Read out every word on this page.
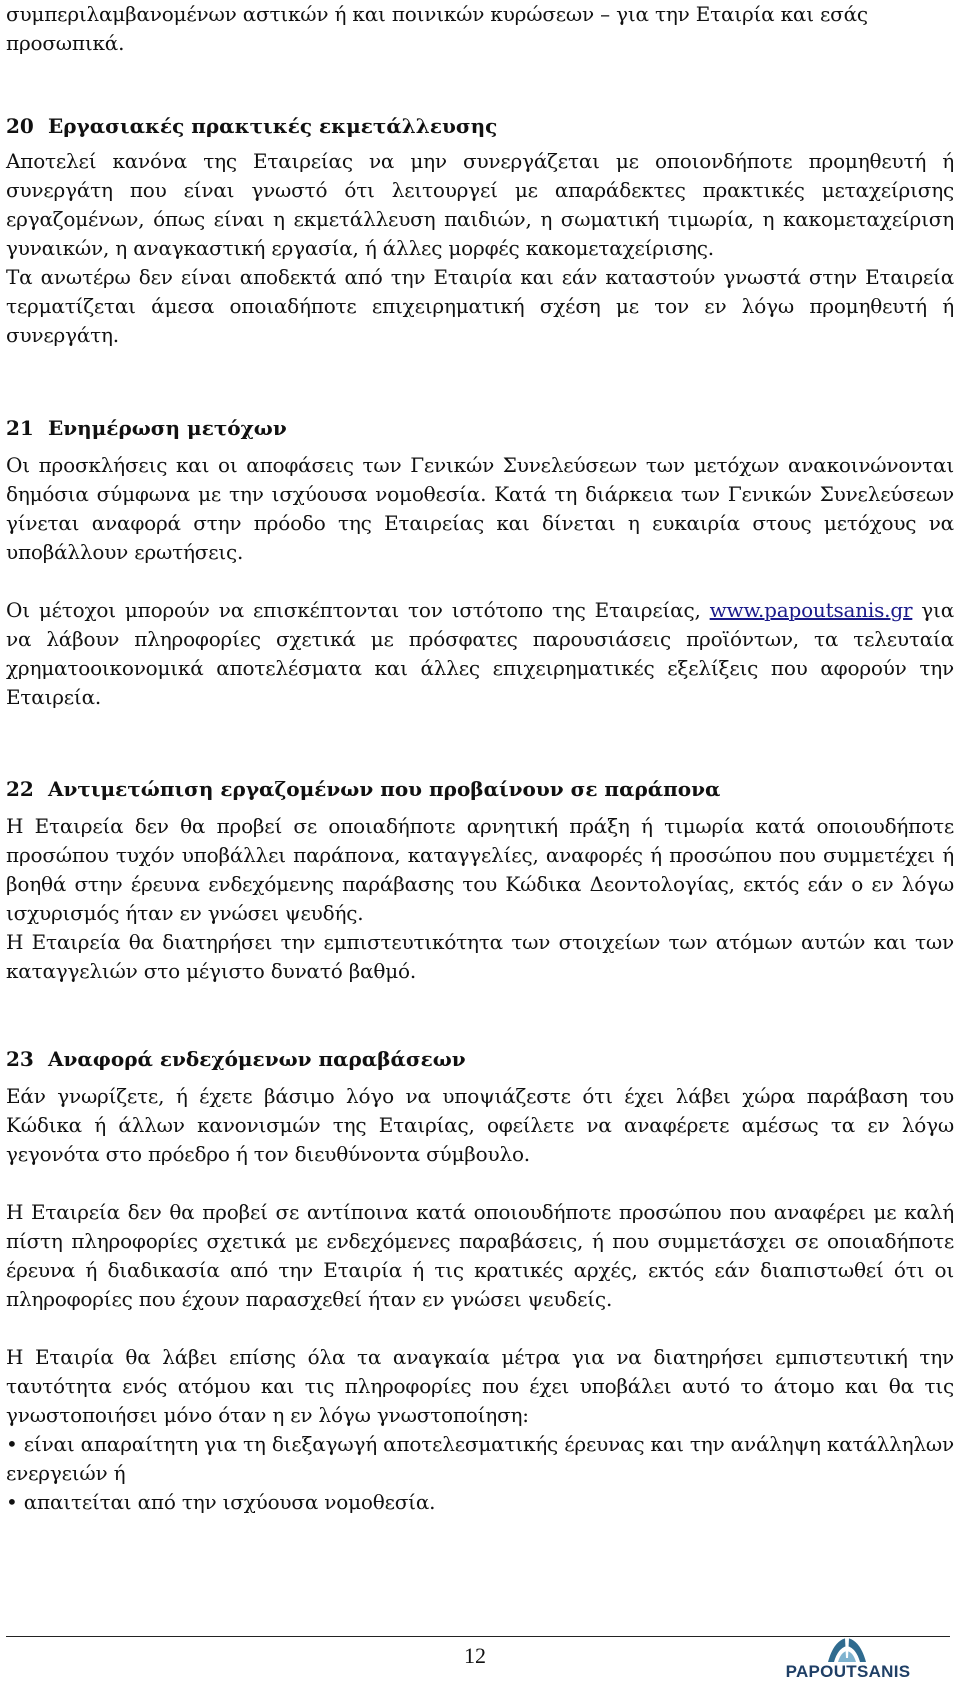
συμπεριλαμβανομένων αστικών ή και ποινικών κυρώσεων – για την Εταιρία και εσάς

προσωπικά.

20 Εργασιακές πρακτικές εκμετάλλευσης

Αποτελεί κανόνα της Εταιρείας να μην συνεργάζεται με οποιονδήποτε προμηθευτή ή συνεργάτη που είναι γνωστό ότι λειτουργεί με απαράδεκτες πρακτικές μεταχείρισης εργαζομένων, όπως είναι η εκμετάλλευση παιδιών, η σωματική τιμωρία, η κακομεταχείριση γυναικών, η αναγκαστική εργασία, ή άλλες μορφές κακομεταχείρισης.

Τα ανωτέρω δεν είναι αποδεκτά από την Εταιρία και εάν καταστούν γνωστά στην Εταιρεία τερματίζεται άμεσα οποιαδήποτε επιχειρηματική σχέση με τον εν λόγω προμηθευτή ή συνεργάτη.

21 Ενημέρωση μετόχων

Οι προσκλήσεις και οι αποφάσεις των Γενικών Συνελεύσεων των μετόχων ανακοινώνονται δημόσια σύμφωνα με την ισχύουσα νομοθεσία. Κατά τη διάρκεια των Γενικών Συνελεύσεων γίνεται αναφορά στην πρόοδο της Εταιρείας και δίνεται η ευκαιρία στους μετόχους να υποβάλλουν ερωτήσεις.

Οι μέτοχοι μπορούν να επισκέπτονται τον ιστότοπο της Εταιρείας, www.papoutsanis.gr για να λάβουν πληροφορίες σχετικά με πρόσφατες παρουσιάσεις προϊόντων, τα τελευταία χρηματοοικονομικά αποτελέσματα και άλλες επιχειρηματικές εξελίξεις που αφορούν την Εταιρεία.

22 Αντιμετώπιση εργαζομένων που προβαίνουν σε παράπονα

Η Εταιρεία δεν θα προβεί σε οποιαδήποτε αρνητική πράξη ή τιμωρία κατά οποιουδήποτε προσώπου τυχόν υποβάλλει παράπονα, καταγγελίες, αναφορές ή προσώπου που συμμετέχει ή βοηθά στην έρευνα ενδεχόμενης παράβασης του Κώδικα Δεοντολογίας, εκτός εάν ο εν λόγω ισχυρισμός ήταν εν γνώσει ψευδής.

Η Εταιρεία θα διατηρήσει την εμπιστευτικότητα των στοιχείων των ατόμων αυτών και των καταγγελιών στο μέγιστο δυνατό βαθμό.

23 Αναφορά ενδεχόμενων παραβάσεων

Εάν γνωρίζετε, ή έχετε βάσιμο λόγο να υποψιάζεστε ότι έχει λάβει χώρα παράβαση του Κώδικα ή άλλων κανονισμών της Εταιρίας, οφείλετε να αναφέρετε αμέσως τα εν λόγω γεγονότα στο πρόεδρο ή τον διευθύνοντα σύμβουλο.

Η Εταιρεία δεν θα προβεί σε αντίποινα κατά οποιουδήποτε προσώπου που αναφέρει με καλή πίστη πληροφορίες σχετικά με ενδεχόμενες παραβάσεις, ή που συμμετάσχει σε οποιαδήποτε έρευνα ή διαδικασία από την Εταιρία ή τις κρατικές αρχές, εκτός εάν διαπιστωθεί ότι οι πληροφορίες που έχουν παρασχεθεί ήταν εν γνώσει ψευδείς.

Η Εταιρία θα λάβει επίσης όλα τα αναγκαία μέτρα για να διατηρήσει εμπιστευτική την ταυτότητα ενός ατόμου και τις πληροφορίες που έχει υποβάλει αυτό το άτομο και θα τις γνωστοποιήσει μόνο όταν η εν λόγω γνωστοποίηση:

• είναι απαραίτητη για τη διεξαγωγή αποτελεσματικής έρευνας και την ανάληψη κατάλληλων ενεργειών ή

• απαιτείται από την ισχύουσα νομοθεσία.

12
PAPOUTSANIS
